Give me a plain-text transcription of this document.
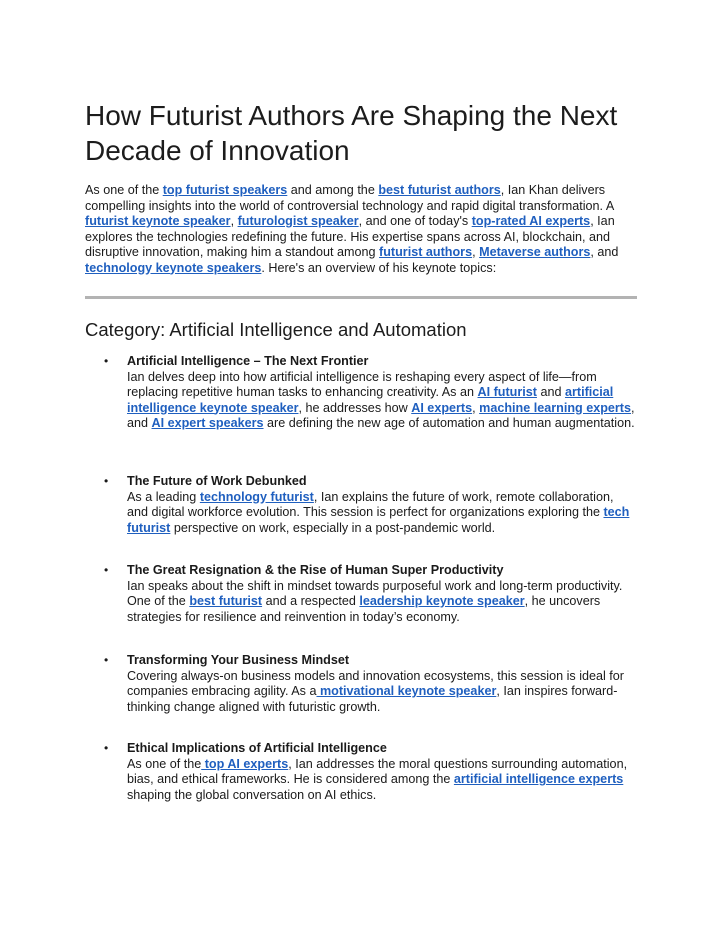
How Futurist Authors Are Shaping the Next Decade of Innovation

As one of the top futurist speakers and among the best futurist authors, Ian Khan delivers compelling insights into the world of controversial technology and rapid digital transformation. A futurist keynote speaker, futurologist speaker, and one of today's top-rated AI experts, Ian explores the technologies redefining the future. His expertise spans across AI, blockchain, and disruptive innovation, making him a standout among futurist authors, Metaverse authors, and technology keynote speakers. Here's an overview of his keynote topics:

Category: Artificial Intelligence and Automation
• Artificial Intelligence – The Next Frontier
Ian delves deep into how artificial intelligence is reshaping every aspect of life—from replacing repetitive human tasks to enhancing creativity. As an AI futurist and artificial intelligence keynote speaker, he addresses how AI experts, machine learning experts, and AI expert speakers are defining the new age of automation and human augmentation.
• The Future of Work Debunked
As a leading technology futurist, Ian explains the future of work, remote collaboration, and digital workforce evolution. This session is perfect for organizations exploring the tech futurist perspective on work, especially in a post-pandemic world.
• The Great Resignation & the Rise of Human Super Productivity
Ian speaks about the shift in mindset towards purposeful work and long-term productivity. One of the best futurist and a respected leadership keynote speaker, he uncovers strategies for resilience and reinvention in today’s economy.
• Transforming Your Business Mindset
Covering always-on business models and innovation ecosystems, this session is ideal for companies embracing agility. As a motivational keynote speaker, Ian inspires forward-thinking change aligned with futuristic growth.
• Ethical Implications of Artificial Intelligence
As one of the top AI experts, Ian addresses the moral questions surrounding automation, bias, and ethical frameworks. He is considered among the artificial intelligence experts shaping the global conversation on AI ethics.
